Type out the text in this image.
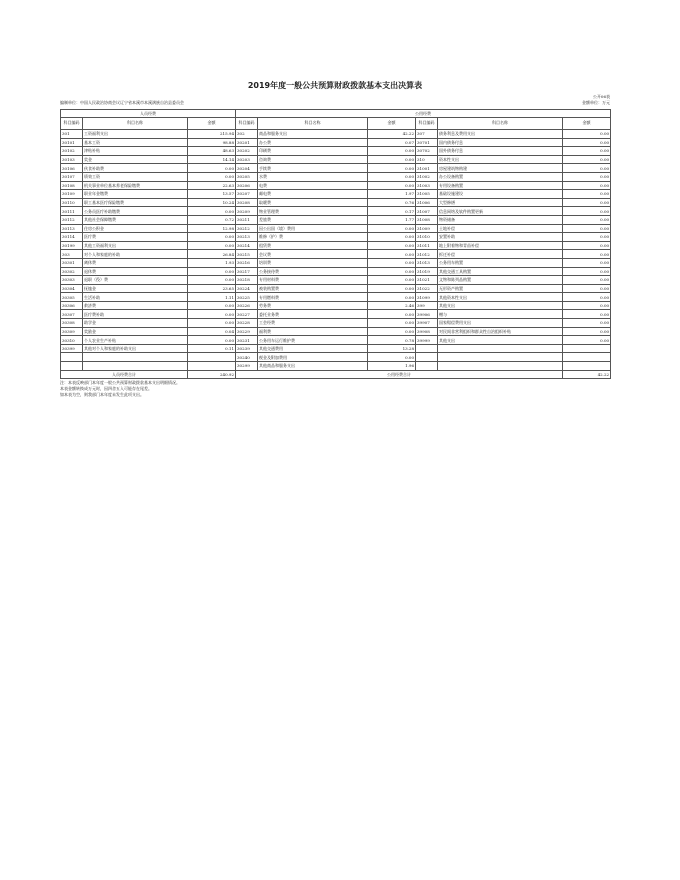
2019年度一般公共预算财政拨款基本支出决算表
公开06表
编制单位：中国人民政治协商会议辽宁省本溪市本溪满族自治县委员会	金额单位：万元
人员经费			公用经费					
科目编码	科目名称	金额	科目编码	科目名称	金额	科目编码	科目名称	金额
301	工资福利支出	215.94	302	商品和服务支出	42.22	307	债务利息及费用支出	0.00
30101	基本工资	98.88	30201	办公费	0.07	30701	国内债务付息	0.00
30102	津贴补贴	48.63	30202	印刷费	0.00	30702	国外债务付息	0.00
30103	奖金	14.14	30203	咨询费	0.00	310	资本性支出	0.00
30106	伙食补助费	0.00	30204	手续费	0.00	31001	房屋建筑物购建	0.00
30107	绩效工资	0.00	30205	水费	0.00	31002	办公设备购置	0.00
30108	机关事业单位基本养老保险缴费	22.63	30206	电费	0.00	31003	专用设备购置	0.00
30109	职业年金缴费	13.57	30207	邮电费	1.97	31005	基础设施建设	0.00
30110	职工基本医疗保险缴费	10.24	30208	取暖费	0.76	31006	大型修缮	0.00
30111	公务员医疗补助缴费	0.00	30209	物业管理费	0.17	31007	信息网络及软件购置更新	0.00
30112	其他社会保障缴费	0.72	30211	差旅费	1.77	31008	物资储备	0.00
30113	住房公积金	12.98	30212	因公出国（境）费用	0.00	31009	土地补偿	0.00
30114	医疗费	0.00	30213	维修（护）费	0.00	31010	安置补助	0.00
30199	其他工资福利支出	0.00	30214	租赁费	0.00	31011	地上附着物和青苗补偿	0.00
303	对个人和家庭的补助	26.84	30215	会议费	0.00	31012	拆迁补偿	0.00
30301	离休费	1.93	30216	培训费	0.00	31013	公务用车购置	0.00
30302	退休费	0.00	30217	公务接待费	0.00	31019	其他交通工具购置	0.00
30303	退职（役）费	0.00	30218	专用材料费	0.00	31021	文物和陈列品购置	0.00
30304	抚恤金	23.65	30224	被装购置费	0.00	31022	无形资产购置	0.00
30305	生活补助	1.11	30225	专用燃料费	0.00	31099	其他资本性支出	0.00
30306	救济费	0.00	30226	劳务费	2.46	399	其他支出	0.00
30307	医疗费补助	0.00	30227	委托业务费	0.00	39906	赠与	0.00
30308	助学金	0.00	30228	工会经费	0.00	39907	国家赔偿费用支出	0.00
30309	奖励金	0.04	30229	福利费	0.00	39908	对民间非营利组织和群众性自治组织补贴	0.00
30310	个人农业生产补贴	0.00	30231	公务用车运行维护费	0.78	39999	其他支出	0.00
30399	其他对个人和家庭的补助支出	0.11	30239	其他交通费用	13.28			
			30240	税金及附加费用	0.00			
			30299	其他商品和服务支出	1.96			
人员经费合计		240.92	公用经费合计					42.22
注：本表反映部门本年度一般公共预算财政拨款基本支出明细情况。
本表金额转换成万元时，因四舍五入可能存在尾差。
如本表为空，则我部门本年度未发生此项支出。
